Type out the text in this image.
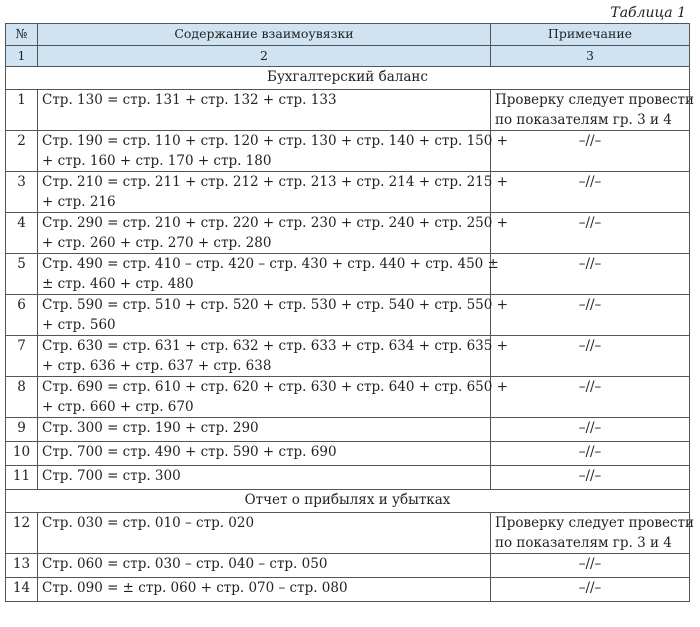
Таблица 1
№	Содержание взаимоувязки	Примечание
1	2	3
Бухгалтерский баланс		
1	Стр. 130 = стр. 131 + стр. 132 + стр. 133	Проверку следует провести
по показателям гр. 3 и 4

2	Стр. 190 = стр. 110 + стр. 120 + стр. 130 + стр. 140 + стр. 150 +
+ стр. 160 + стр. 170 + стр. 180	–//–

3	Стр. 210 = стр. 211 + стр. 212 + стр. 213 + стр. 214 + стр. 215 +
+ стр. 216	–//–

4	Стр. 290 = стр. 210 + стр. 220 + стр. 230 + стр. 240 + стр. 250 +
+ стр. 260 + стр. 270 + стр. 280	–//–

5	Стр. 490 = стр. 410 – стр. 420 – стр. 430 + стр. 440 + стр. 450 ±
± стр. 460 + стр. 480	–//–

6	Стр. 590 = стр. 510 + стр. 520 + стр. 530 + стр. 540 + стр. 550 +
+ стр. 560	–//–

7	Стр. 630 = стр. 631 + стр. 632 + стр. 633 + стр. 634 + стр. 635 +
+ стр. 636 + стр. 637 + стр. 638	–//–

8	Стр. 690 = стр. 610 + стр. 620 + стр. 630 + стр. 640 + стр. 650 +
+ стр. 660 + стр. 670	–//–

9	Стр. 300 = стр. 190 + стр. 290	–//–

10	Стр. 700 = стр. 490 + стр. 590 + стр. 690	–//–

11	Стр. 700 = стр. 300	–//–

Отчет о прибылях и убытках		
12	Стр. 030 = стр. 010 – стр. 020	Проверку следует провести
по показателям гр. 3 и 4

13	Стр. 060 = стр. 030 – стр. 040 – стр. 050	–//–

14	Стр. 090 = ± стр. 060 + стр. 070 – стр. 080	–//–
